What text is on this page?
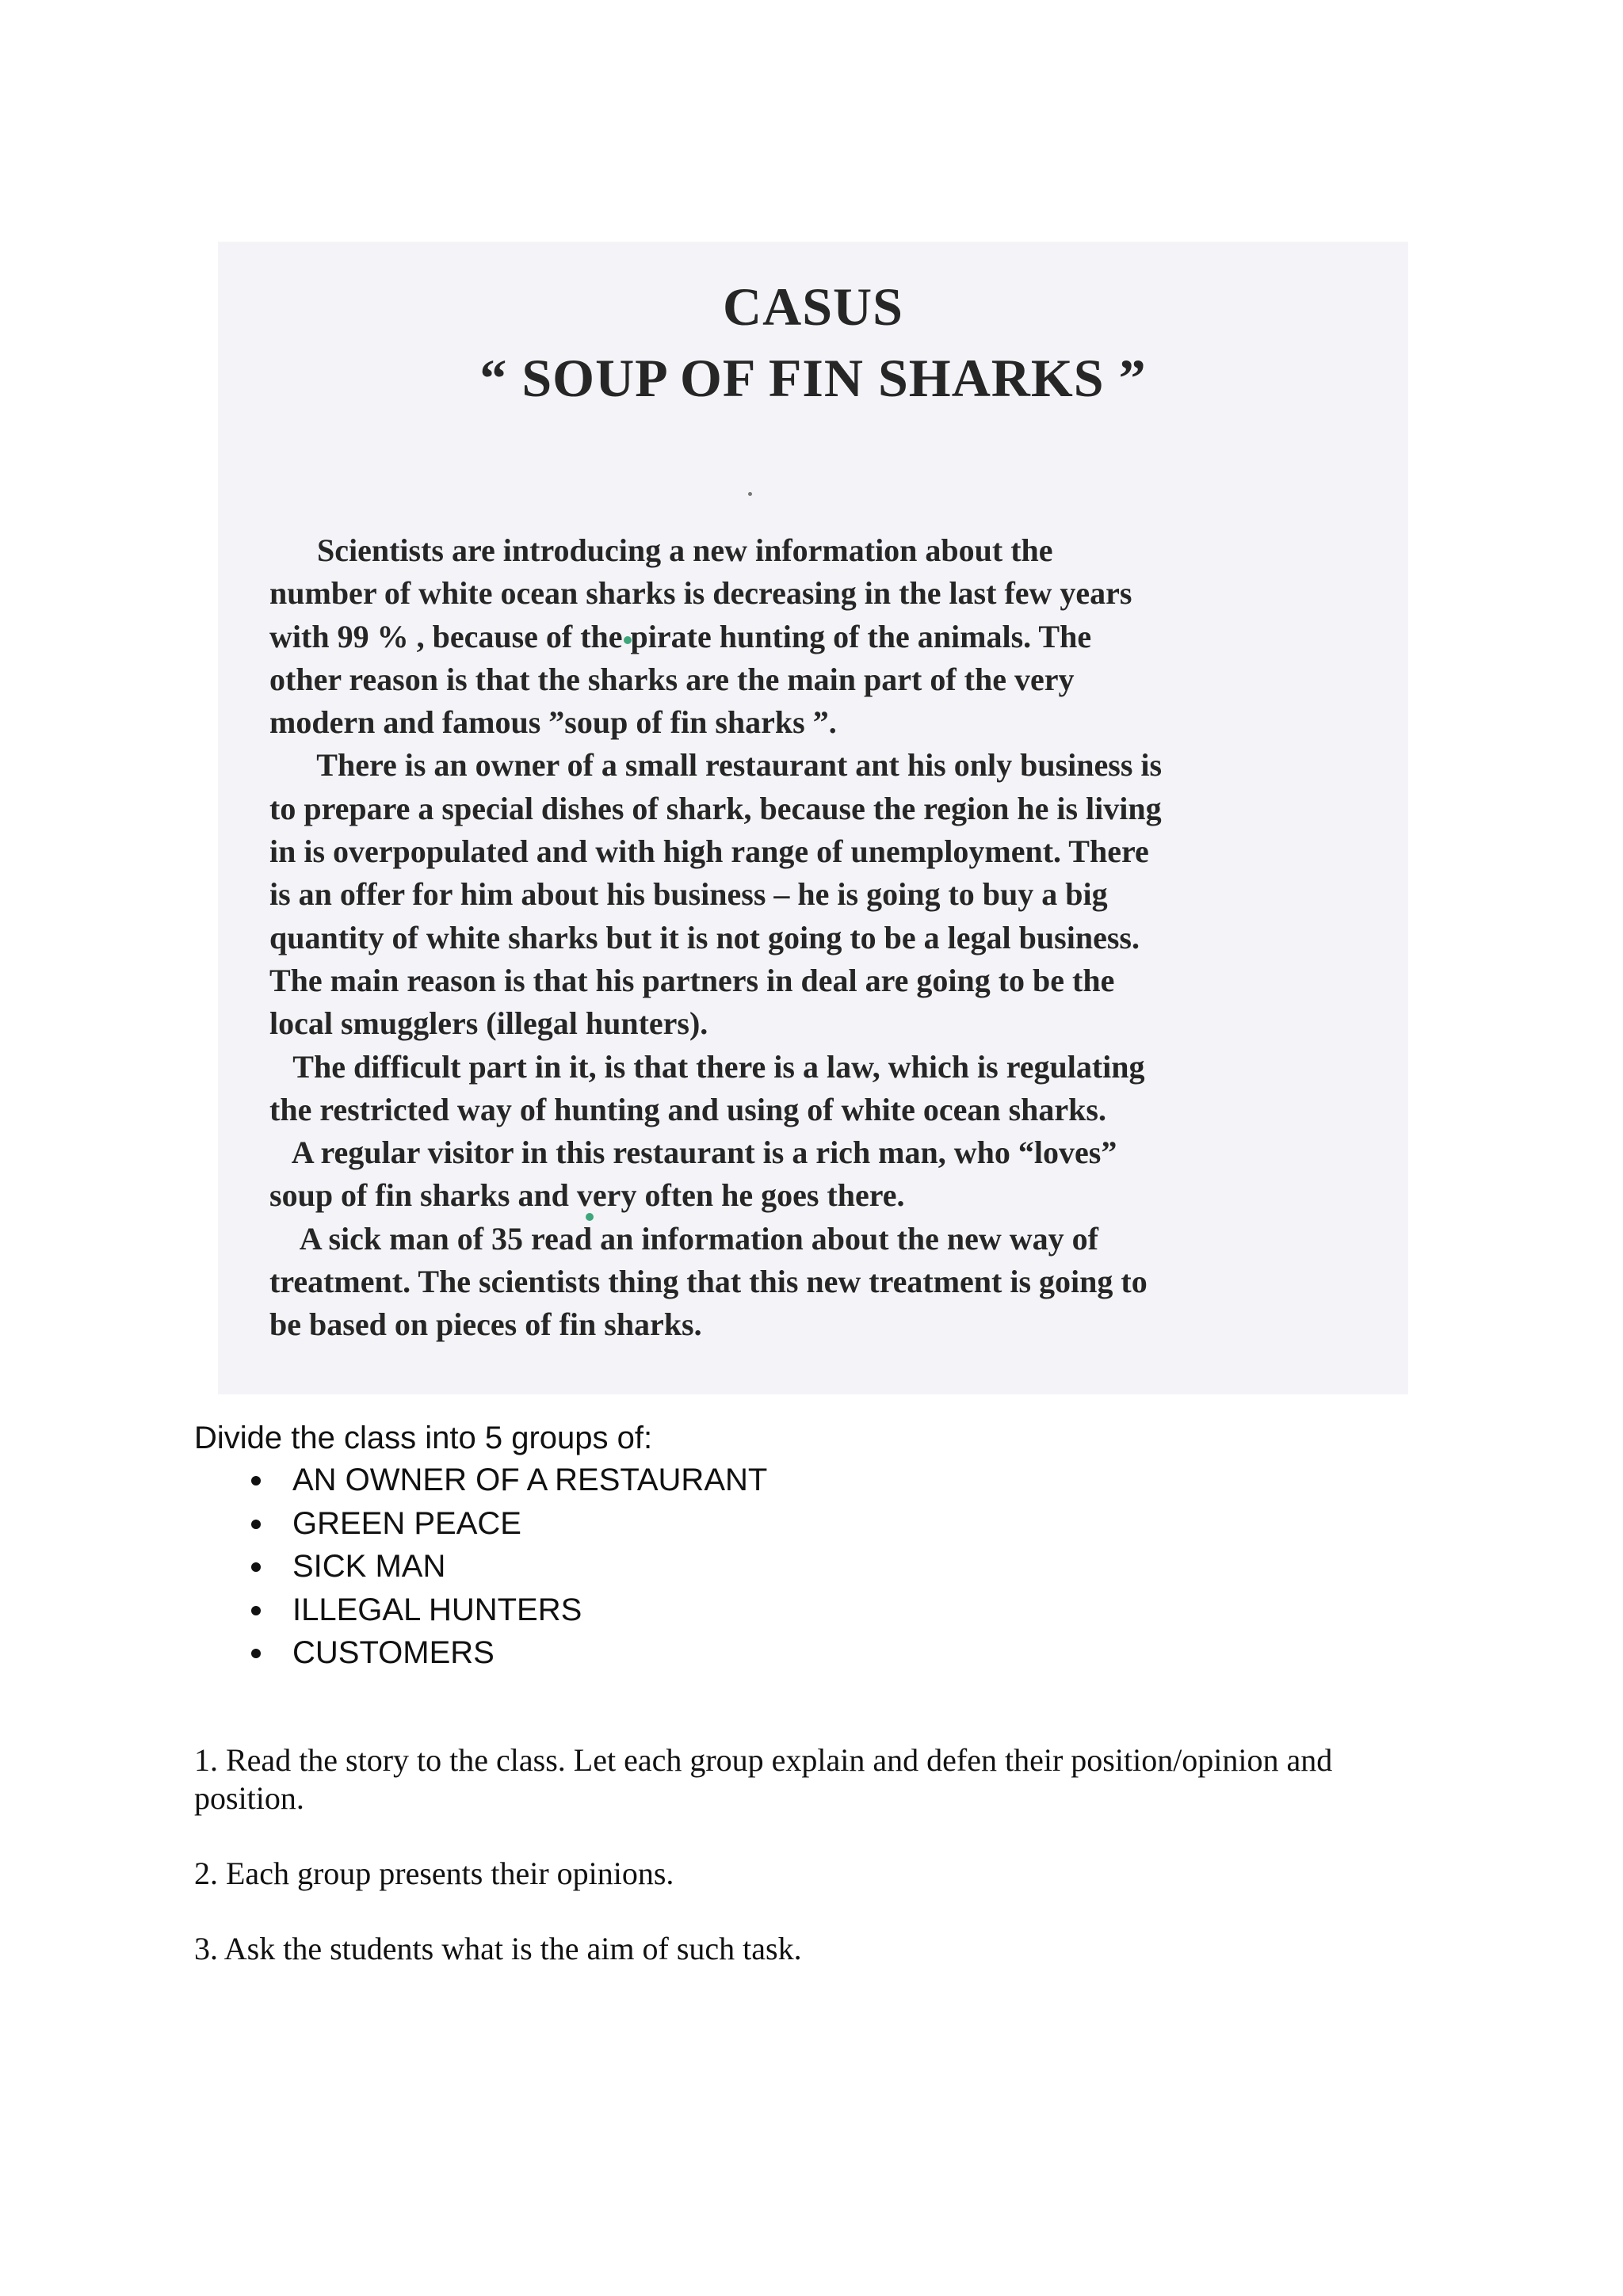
CASUS
“ SOUP OF FIN SHARKS ”
Scientists are introducing a new information about the
number of white ocean sharks is decreasing in the last few years
with 99 % , because of the pirate hunting of the animals. The
other reason is that the sharks are the main part of the very
modern and famous ”soup of fin sharks ”.
There is an owner of a small restaurant ant his only business is
to prepare a special dishes of shark, because the region he is living
in is overpopulated and with high range of unemployment. There
is an offer for him about his business – he is going to buy a big
quantity of white sharks but it is not going to be a legal business.
The main reason is that his partners in deal are going to be the
local smugglers (illegal hunters).
The difficult part in it, is that there is a law, which is regulating
the restricted way of hunting and using of white ocean sharks.
A regular visitor in this restaurant is a rich man, who “loves”
soup of fin sharks and very often he goes there.
A sick man of 35 read an information about the new way of
treatment. The scientists thing that this new treatment is going to
be based on pieces of fin sharks.

Divide the class into 5 groups of:

AN OWNER OF A RESTAURANT
GREEN PEACE
SICK MAN
ILLEGAL HUNTERS
CUSTOMERS

1. Read the story to the class. Let each group explain and defen their position/opinion and position.

2. Each group presents their opinions.

3. Ask the students what is the aim of such task.
